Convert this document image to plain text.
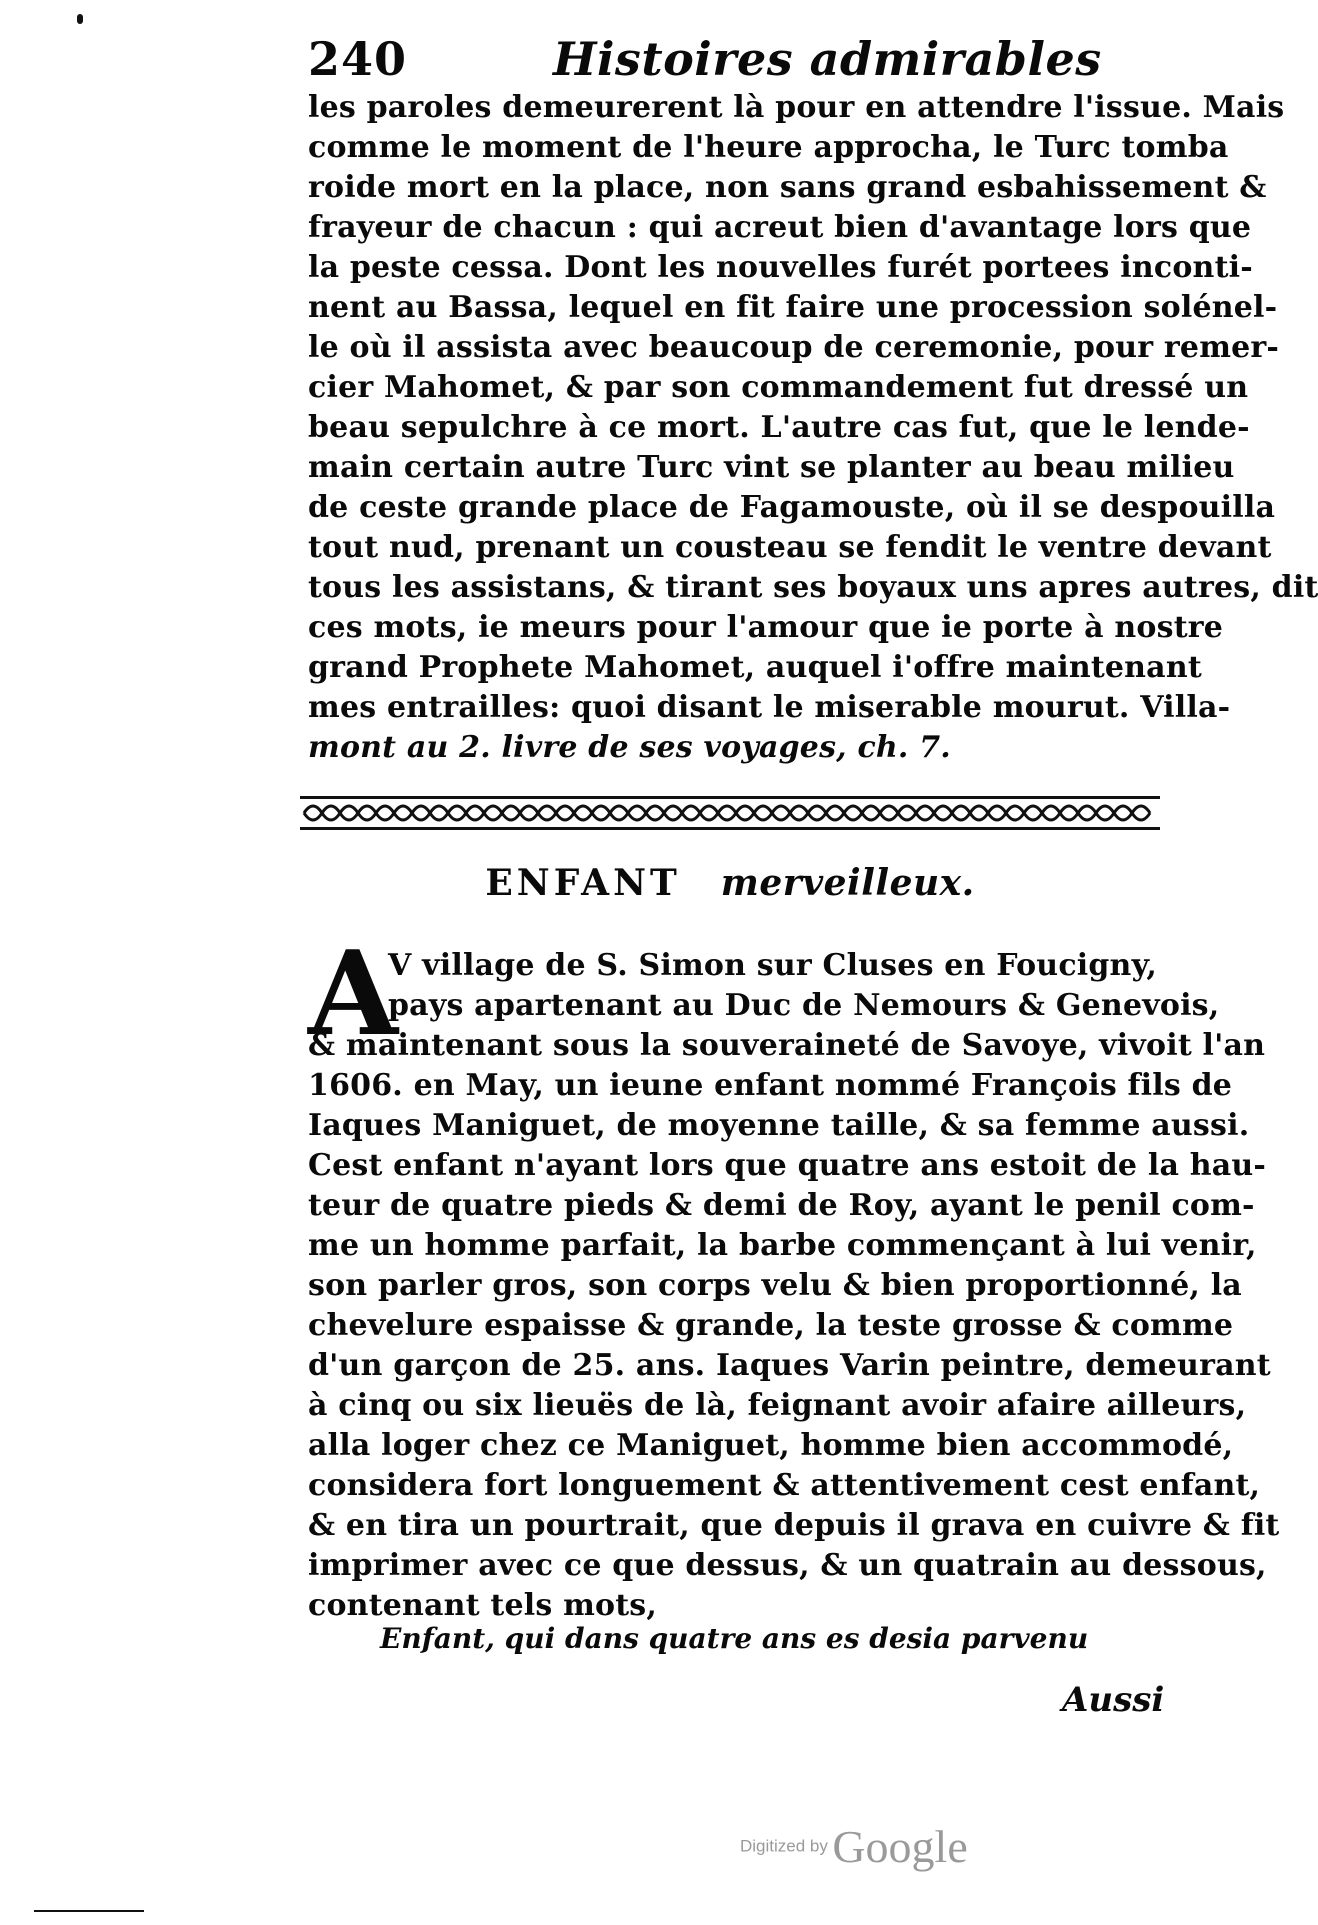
240	Histoires admirables
les paroles demeurerent là pour en attendre l'issue. Mais
comme le moment de l'heure approcha, le Turc tomba
roide mort en la place, non sans grand esbahissement &
frayeur de chacun : qui acreut bien d'avantage lors que
la peste cessa. Dont les nouvelles furét portees inconti-
nent au Bassa, lequel en fit faire une procession solénel-
le où il assista avec beaucoup de ceremonie, pour remer-
cier Mahomet, & par son commandement fut dressé un
beau sepulchre à ce mort. L'autre cas fut, que le lende-
main certain autre Turc vint se planter au beau milieu
de ceste grande place de Fagamouste, où il se despouilla
tout nud, prenant un cousteau se fendit le ventre devant
tous les assistans, & tirant ses boyaux uns apres autres, dit
ces mots, ie meurs pour l'amour que ie porte à nostre
grand Prophete Mahomet, auquel i'offre maintenant
mes entrailles: quoi disant le miserable mourut. Villa-
mont au 2. livre de ses voyages, ch. 7.
ENFANT merveilleux.
A
V village de S. Simon sur Cluses en Foucigny,
pays apartenant au Duc de Nemours & Genevois,
& maintenant sous la souveraineté de Savoye, vivoit l'an
1606. en May, un ieune enfant nommé François fils de
Iaques Maniguet, de moyenne taille, & sa femme aussi.
Cest enfant n'ayant lors que quatre ans estoit de la hau-
teur de quatre pieds & demi de Roy, ayant le penil com-
me un homme parfait, la barbe commençant à lui venir,
son parler gros, son corps velu & bien proportionné, la
chevelure espaisse & grande, la teste grosse & comme
d'un garçon de 25. ans. Iaques Varin peintre, demeurant
à cinq ou six lieuës de là, feignant avoir afaire ailleurs,
alla loger chez ce Maniguet, homme bien accommodé,
considera fort longuement & attentivement cest enfant,
& en tira un pourtrait, que depuis il grava en cuivre & fit
imprimer avec ce que dessus, & un quatrain au dessous,
contenant tels mots,
Enfant, qui dans quatre ans es desia parvenu
Aussi
Digitized by Google
